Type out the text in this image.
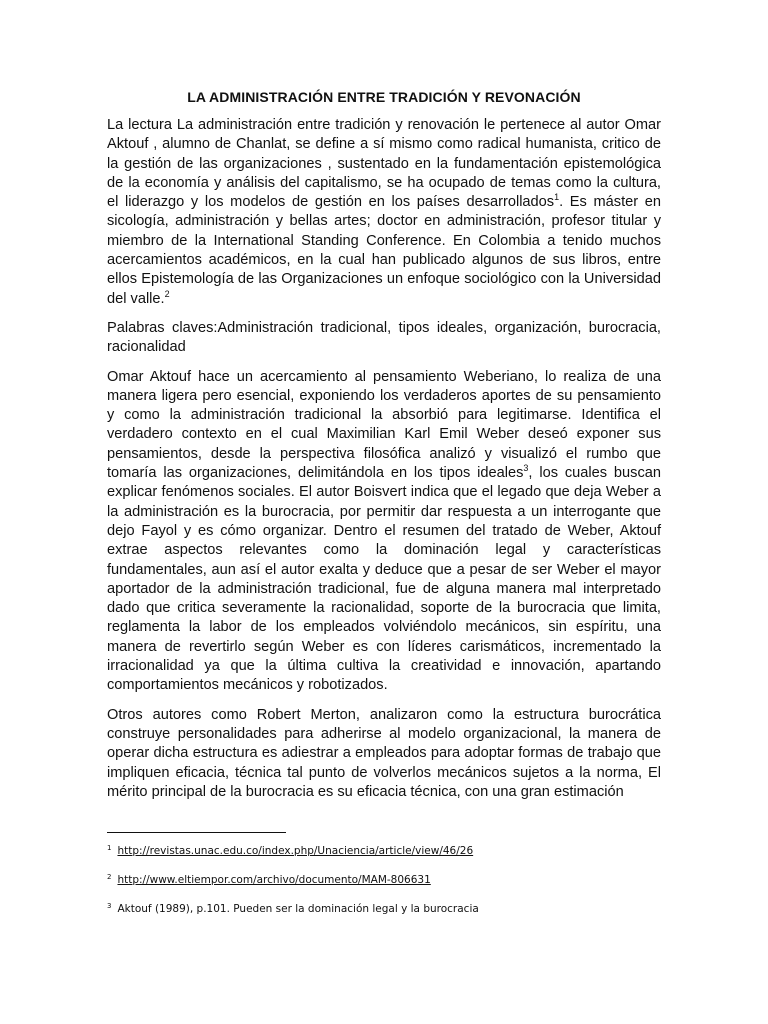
LA ADMINISTRACIÓN ENTRE TRADICIÓN Y REVONACIÓN

La lectura La administración entre tradición y renovación le pertenece al autor Omar Aktouf , alumno de Chanlat, se define a sí mismo como radical humanista, critico de la gestión de las organizaciones , sustentado en la fundamentación epistemológica de la economía y análisis del capitalismo, se ha ocupado de temas como la cultura, el liderazgo y los modelos de gestión en los países desarrollados$^1$. Es máster en sicología, administración y bellas artes; doctor en administración, profesor titular y miembro de la International Standing Conference. En Colombia a tenido muchos acercamientos académicos, en la cual han publicado algunos de sus libros, entre ellos Epistemología de las Organizaciones un enfoque sociológico con la Universidad del valle.$^2$

Palabras claves:Administración tradicional, tipos ideales, organización, burocracia, racionalidad

Omar Aktouf hace un acercamiento al pensamiento Weberiano, lo realiza de una manera ligera pero esencial, exponiendo los verdaderos aportes de su pensamiento y como la administración tradicional la absorbió para legitimarse. Identifica el verdadero contexto en el cual Maximilian Karl Emil Weber deseó exponer sus pensamientos, desde la perspectiva filosófica analizó y visualizó el rumbo que tomaría las organizaciones, delimitándola en los tipos ideales$^3$, los cuales buscan explicar fenómenos sociales. El autor Boisvert indica que el legado que deja Weber a la administración es la burocracia, por permitir dar respuesta a un interrogante que dejo Fayol y es cómo organizar. Dentro el resumen del tratado de Weber, Aktouf extrae aspectos relevantes como la dominación legal y características fundamentales, aun así el autor exalta y deduce que a pesar de ser Weber el mayor aportador de la administración tradicional, fue de alguna manera mal interpretado dado que critica severamente la racionalidad, soporte de la burocracia que limita, reglamenta la labor de los empleados volviéndolo mecánicos, sin espíritu, una manera de revertirlo según Weber es con líderes carismáticos, incrementado la irracionalidad ya que la última cultiva la creatividad e innovación, apartando comportamientos mecánicos y robotizados.

Otros autores como Robert Merton, analizaron como la estructura burocrática construye personalidades para adherirse al modelo organizacional, la manera de operar dicha estructura es adiestrar a empleados para adoptar formas de trabajo que impliquen eficacia, técnica tal punto de volverlos mecánicos sujetos a la norma, El mérito principal de la burocracia es su eficacia técnica, con una gran estimación

$^1$ http://revistas.unac.edu.co/index.php/Unaciencia/article/view/46/26
$^2$ http://www.eltiempor.com/archivo/documento/MAM-806631
$^3$ Aktouf (1989), p.101. Pueden ser la dominación legal y la burocracia
